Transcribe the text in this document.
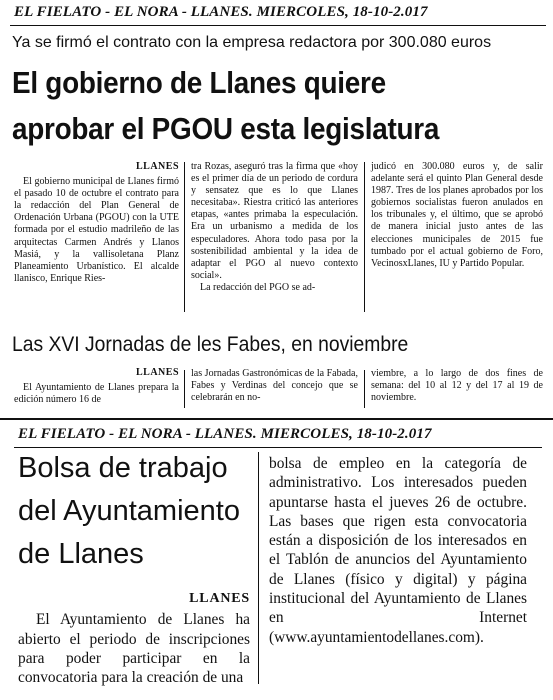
EL FIELATO - EL NORA - LLANES. MIERCOLES, 18-10-2.017
Ya se firmó el contrato con la empresa redactora por 300.080 euros
El gobierno de Llanes quiere
aprobar el PGOU esta legislatura
LLANES

El gobierno municipal de Llanes firmó el pasado 10 de octubre el contrato para la redacción del Plan General de Ordenación Urbana (PGOU) con la UTE formada por el estudio madrileño de las arquitectas Carmen Andrés y Llanos Masiá, y la vallisoletana Planz Planeamiento Urbanístico. El alcalde llanisco, Enrique Ries-

tra Rozas, aseguró tras la firma que «hoy es el primer día de un periodo de cordura y sensatez que es lo que Llanes necesitaba». Riestra criticó las anteriores etapas, «antes primaba la especulación. Era un urbanismo a medida de los especuladores. Ahora todo pasa por la sostenibilidad ambiental y la idea de adaptar el PGO al nuevo contexto social».

La redacción del PGO se ad-

judicó en 300.080 euros y, de salir adelante será el quinto Plan General desde 1987. Tres de los planes aprobados por los gobiernos socialistas fueron anulados en los tribunales y, el último, que se aprobó de manera inicial justo antes de las elecciones municipales de 2015 fue tumbado por el actual gobierno de Foro, VecinosxLlanes, IU y Partido Popular.

Las XVI Jornadas de les Fabes, en noviembre
LLANES

El Ayuntamiento de Llanes prepara la edición número 16 de

las Jornadas Gastronómicas de la Fabada, Fabes y Verdinas del concejo que se celebrarán en no-

viembre, a lo largo de dos fines de semana: del 10 al 12 y del 17 al 19 de noviembre.

EL FIELATO - EL NORA - LLANES. MIERCOLES, 18-10-2.017
Bolsa de trabajo
del Ayuntamiento
de Llanes
LLANES

El Ayuntamiento de Llanes ha abierto el periodo de inscripciones para poder participar en la convocatoria para la creación de una

bolsa de empleo en la categoría de administrativo. Los interesados pueden apuntarse hasta el jueves 26 de octubre. Las bases que rigen esta convocatoria están a disposición de los interesados en el Tablón de anuncios del Ayuntamiento de Llanes (físico y digital) y página institucional del Ayuntamiento de Llanes en Internet (www.ayuntamientodellanes.com).
